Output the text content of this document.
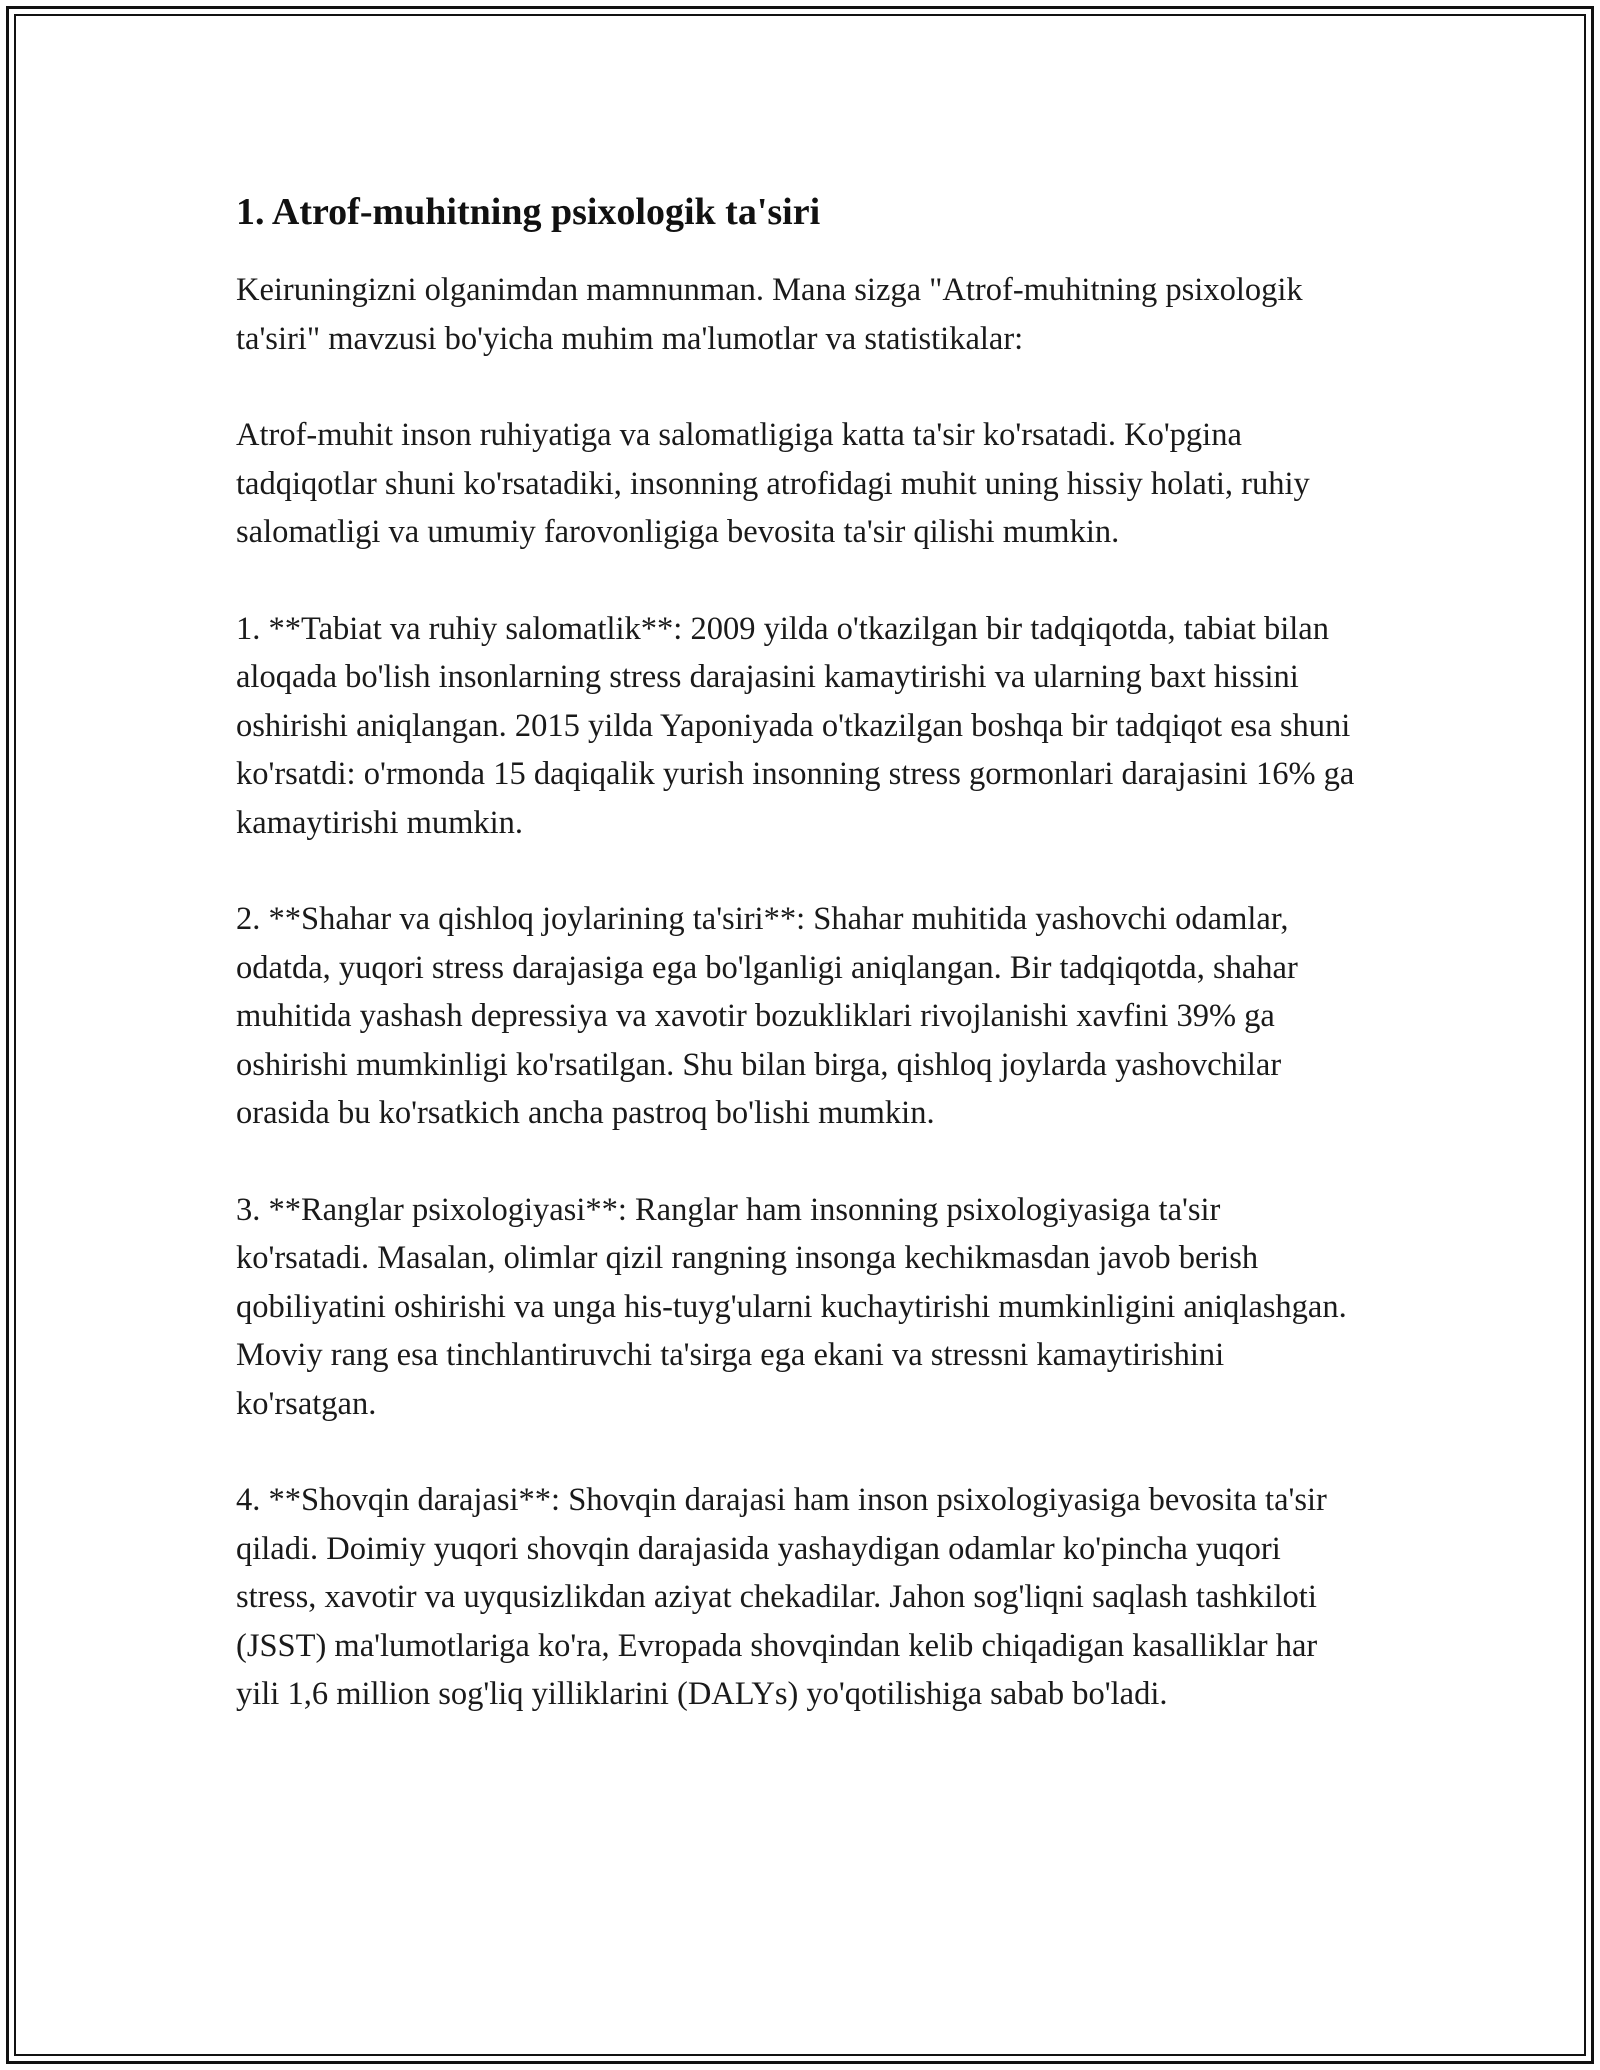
1. Atrof-muhitning psixologik ta'siri

Keiruningizni olganimdan mamnunman. Mana sizga "Atrof-muhitning psixologik ta'siri" mavzusi bo'yicha muhim ma'lumotlar va statistikalar:

Atrof-muhit inson ruhiyatiga va salomatligiga katta ta'sir ko'rsatadi. Ko'pgina tadqiqotlar shuni ko'rsatadiki, insonning atrofidagi muhit uning hissiy holati, ruhiy salomatligi va umumiy farovonligiga bevosita ta'sir qilishi mumkin.

1. **Tabiat va ruhiy salomatlik**: 2009 yilda o'tkazilgan bir tadqiqotda, tabiat bilan aloqada bo'lish insonlarning stress darajasini kamaytirishi va ularning baxt hissini oshirishi aniqlangan. 2015 yilda Yaponiyada o'tkazilgan boshqa bir tadqiqot esa shuni ko'rsatdi: o'rmonda 15 daqiqalik yurish insonning stress gormonlari darajasini 16% ga kamaytirishi mumkin.

2. **Shahar va qishloq joylarining ta'siri**: Shahar muhitida yashovchi odamlar, odatda, yuqori stress darajasiga ega bo'lganligi aniqlangan. Bir tadqiqotda, shahar muhitida yashash depressiya va xavotir bozukliklari rivojlanishi xavfini 39% ga oshirishi mumkinligi ko'rsatilgan. Shu bilan birga, qishloq joylarda yashovchilar orasida bu ko'rsatkich ancha pastroq bo'lishi mumkin.

3. **Ranglar psixologiyasi**: Ranglar ham insonning psixologiyasiga ta'sir ko'rsatadi. Masalan, olimlar qizil rangning insonga kechikmasdan javob berish qobiliyatini oshirishi va unga his-tuyg'ularni kuchaytirishi mumkinligini aniqlashgan. Moviy rang esa tinchlantiruvchi ta'sirga ega ekani va stressni kamaytirishini ko'rsatgan.

4. **Shovqin darajasi**: Shovqin darajasi ham inson psixologiyasiga bevosita ta'sir qiladi. Doimiy yuqori shovqin darajasida yashaydigan odamlar ko'pincha yuqori stress, xavotir va uyqusizlikdan aziyat chekadilar. Jahon sog'liqni saqlash tashkiloti (JSST) ma'lumotlariga ko'ra, Evropada shovqindan kelib chiqadigan kasalliklar har yili 1,6 million sog'liq yilliklarini (DALYs) yo'qotilishiga sabab bo'ladi.
